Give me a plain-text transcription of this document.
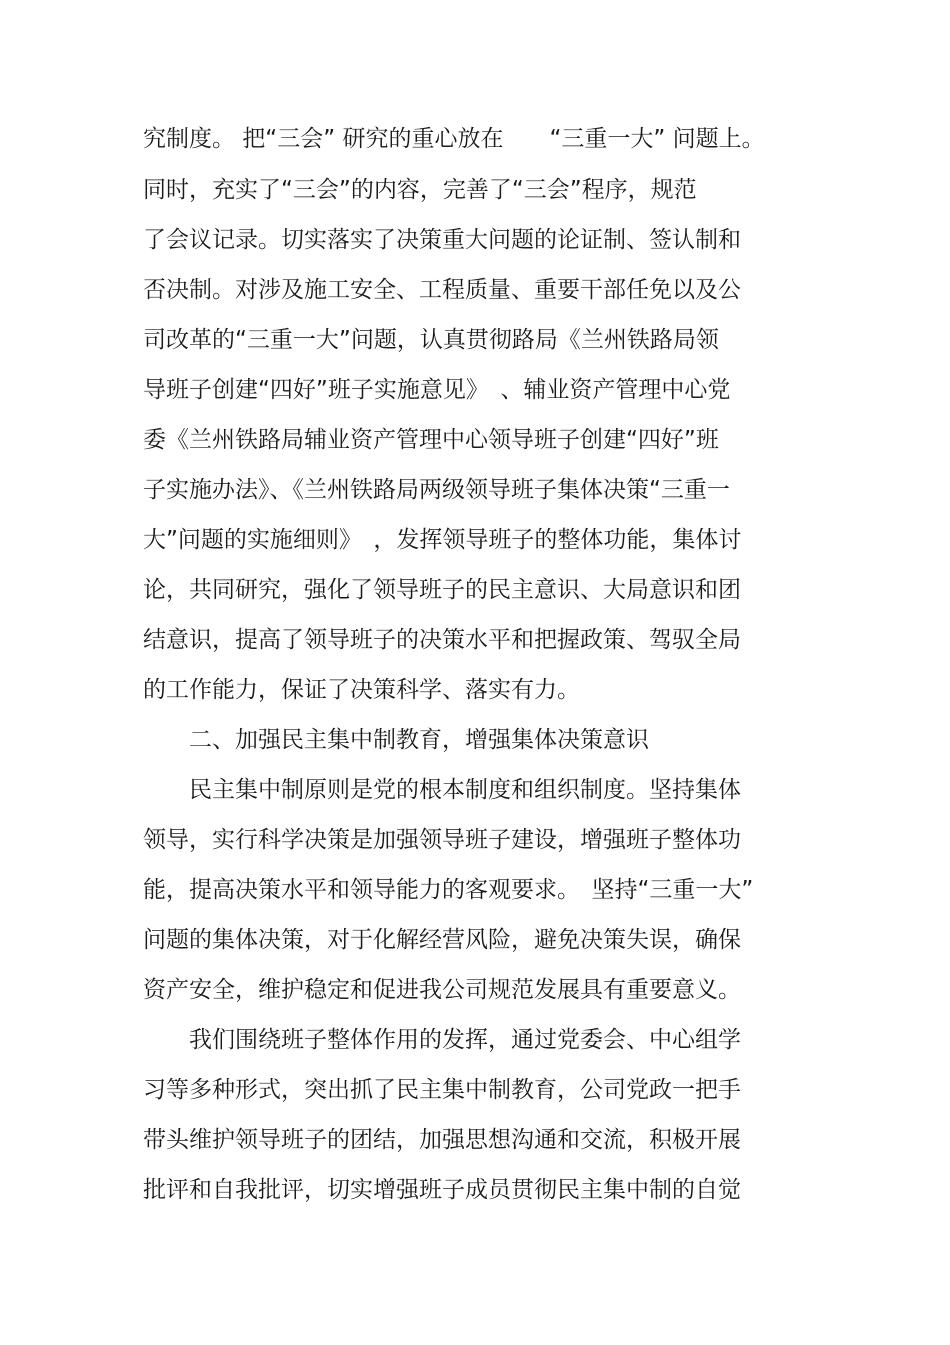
究制度。 把“三会” 研究的重心放在　　“三重一大” 问题上。

同时，充实了“三会”的内容，完善了“三会”程序，规范

了会议记录。切实落实了决策重大问题的论证制、签认制和

否决制。对涉及施工安全、工程质量、重要干部任免以及公

司改革的“三重一大”问题，认真贯彻路局《兰州铁路局领

导班子创建“四好”班子实施意见》　、辅业资产管理中心党

委《兰州铁路局辅业资产管理中心领导班子创建“四好”班

子实施办法》、《兰州铁路局两级领导班子集体决策“三重一

大”问题的实施细则》　，发挥领导班子的整体功能，集体讨

论，共同研究，强化了领导班子的民主意识、大局意识和团

结意识，提高了领导班子的决策水平和把握政策、驾驭全局

的工作能力，保证了决策科学、落实有力。

　　二、加强民主集中制教育，增强集体决策意识

　　民主集中制原则是党的根本制度和组织制度。坚持集体

领导，实行科学决策是加强领导班子建设，增强班子整体功

能，提高决策水平和领导能力的客观要求。　坚持“三重一大”

问题的集体决策，对于化解经营风险，避免决策失误，确保

资产安全，维护稳定和促进我公司规范发展具有重要意义。

　　我们围绕班子整体作用的发挥，通过党委会、中心组学

习等多种形式，突出抓了民主集中制教育，公司党政一把手

带头维护领导班子的团结，加强思想沟通和交流，积极开展

批评和自我批评，切实增强班子成员贯彻民主集中制的自觉
